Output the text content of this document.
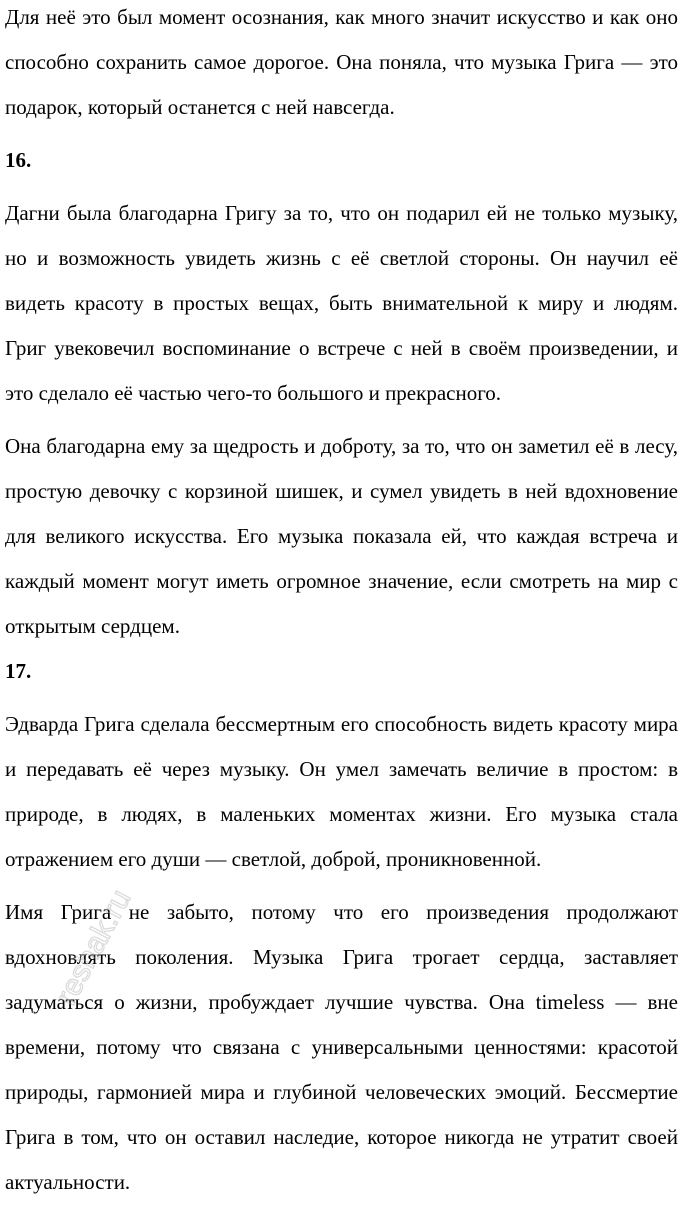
Для неё это был момент осознания, как много значит искусство и как оно способно сохранить самое дорогое. Она поняла, что музыка Грига — это подарок, который останется с ней навсегда.

16.

Дагни была благодарна Григу за то, что он подарил ей не только музыку, но и возможность увидеть жизнь с её светлой стороны. Он научил её видеть красоту в простых вещах, быть внимательной к миру и людям. Григ увековечил воспоминание о встрече с ней в своём произведении, и это сделало её частью чего-то большого и прекрасного.

Она благодарна ему за щедрость и доброту, за то, что он заметил её в лесу, простую девочку с корзиной шишек, и сумел увидеть в ней вдохновение для великого искусства. Его музыка показала ей, что каждая встреча и каждый момент могут иметь огромное значение, если смотреть на мир с открытым сердцем.

17.

Эдварда Грига сделала бессмертным его способность видеть красоту мира и передавать её через музыку. Он умел замечать величие в простом: в природе, в людях, в маленьких моментах жизни. Его музыка стала отражением его души — светлой, доброй, проникновенной.

Имя Грига не забыто, потому что его произведения продолжают вдохновлять поколения. Музыка Грига трогает сердца, заставляет задуматься о жизни, пробуждает лучшие чувства. Она timeless — вне времени, потому что связана с универсальными ценностями: красотой природы, гармонией мира и глубиной человеческих эмоций. Бессмертие Грига в том, что он оставил наследие, которое никогда не утратит своей актуальности.

reshak.ru
